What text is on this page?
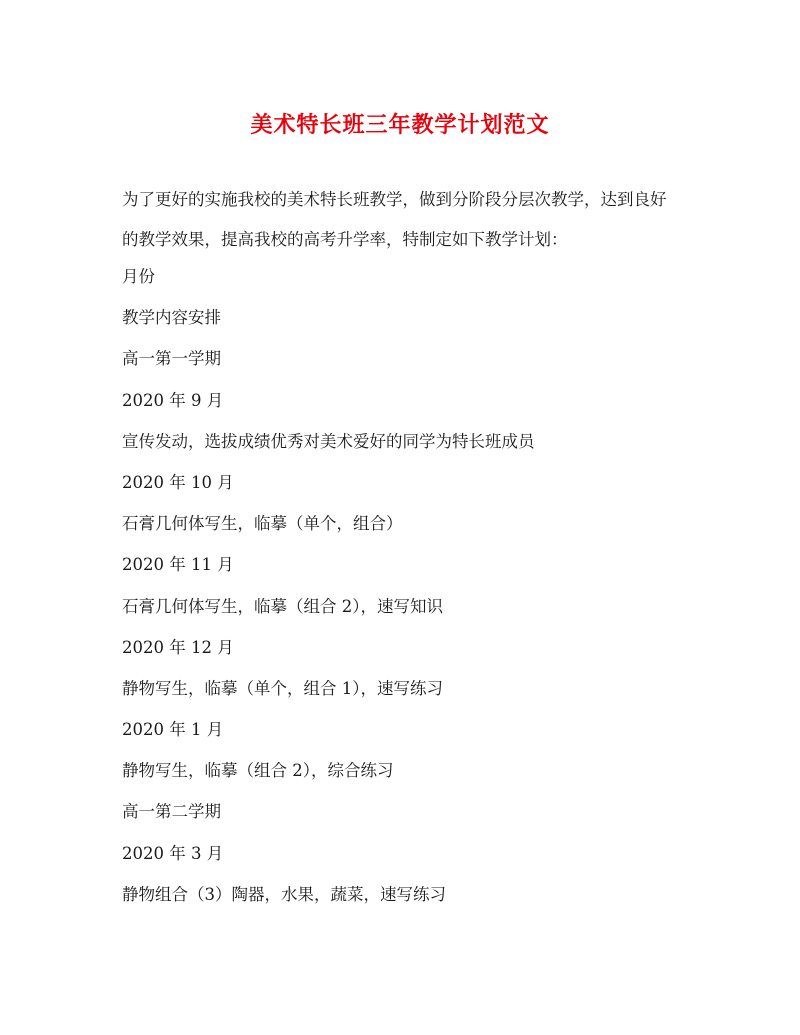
美术特长班三年教学计划范文

为了更好的实施我校的美术特长班教学，做到分阶段分层次教学，达到良好的教学效果，提高我校的高考升学率，特制定如下教学计划：

月份
教学内容安排
高一第一学期
2020 年 9 月
宣传发动，选拔成绩优秀对美术爱好的同学为特长班成员
2020 年 10 月
石膏几何体写生，临摹（单个，组合）
2020 年 11 月
石膏几何体写生，临摹（组合 2），速写知识
2020 年 12 月
静物写生，临摹（单个，组合 1），速写练习
2020 年 1 月
静物写生，临摹（组合 2），综合练习
高一第二学期
2020 年 3 月
静物组合（3）陶器，水果，蔬菜，速写练习
